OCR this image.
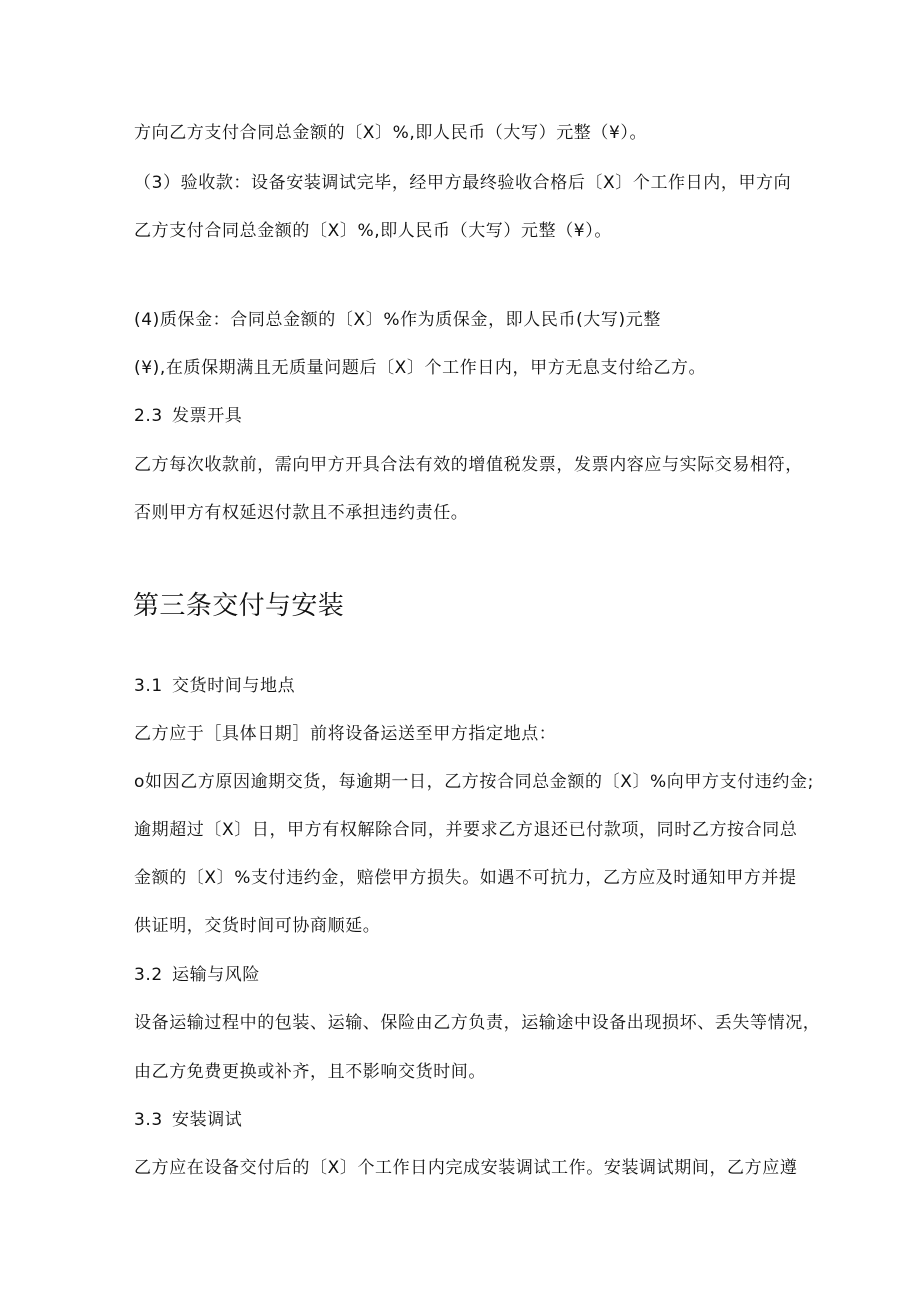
方向乙方支付合同总金额的〔X〕%,即人民币（大写）元整（¥）。
（3）验收款：设备安装调试完毕，经甲方最终验收合格后〔X〕个工作日内，甲方向
乙方支付合同总金额的〔X〕%,即人民币（大写）元整（¥）。
(4)质保金：合同总金额的〔X〕%作为质保金，即人民币(大写)元整
(¥),在质保期满且无质量问题后〔X〕个工作日内，甲方无息支付给乙方。
2.3 发票开具
乙方每次收款前，需向甲方开具合法有效的增值税发票，发票内容应与实际交易相符，
否则甲方有权延迟付款且不承担违约责任。
第三条交付与安装
3.1 交货时间与地点
乙方应于［具体日期］前将设备运送至甲方指定地点：
o如因乙方原因逾期交货，每逾期一日，乙方按合同总金额的〔X〕%向甲方支付违约金;
逾期超过〔X〕日，甲方有权解除合同，并要求乙方退还已付款项，同时乙方按合同总
金额的〔X〕%支付违约金，赔偿甲方损失。如遇不可抗力，乙方应及时通知甲方并提
供证明，交货时间可协商顺延。
3.2 运输与风险
设备运输过程中的包装、运输、保险由乙方负责，运输途中设备出现损坏、丢失等情况，
由乙方免费更换或补齐，且不影响交货时间。
3.3 安装调试
乙方应在设备交付后的〔X〕个工作日内完成安装调试工作。安装调试期间，乙方应遵
